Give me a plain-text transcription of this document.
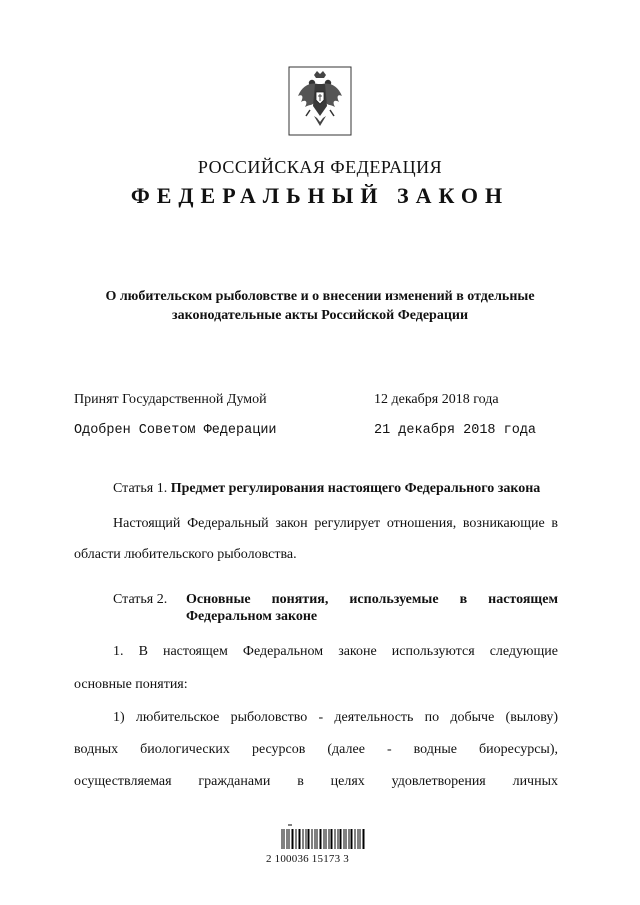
РОССИЙСКАЯ ФЕДЕРАЦИЯ
ФЕДЕРАЛЬНЫЙ ЗАКОН
О любительском рыболовстве и о внесении изменений в отдельные
законодательные акты Российской Федерации
Принят Государственной Думой	12 декабря 2018 года
Одобрен Советом Федерации	21 декабря 2018 года
Статья 1. Предмет регулирования настоящего Федерального закона
Настоящий Федеральный закон регулирует отношения, возникающие в
области любительского рыболовства.
Статья 2. Основные понятия, используемые в настоящем
Федеральном законе
1. В настоящем Федеральном законе используются следующие
основные понятия:
1) любительское рыболовство - деятельность по добыче (вылову)
водных биологических ресурсов (далее - водные биоресурсы),
осуществляемая гражданами в целях удовлетворения личных
2 100036 15173 3
